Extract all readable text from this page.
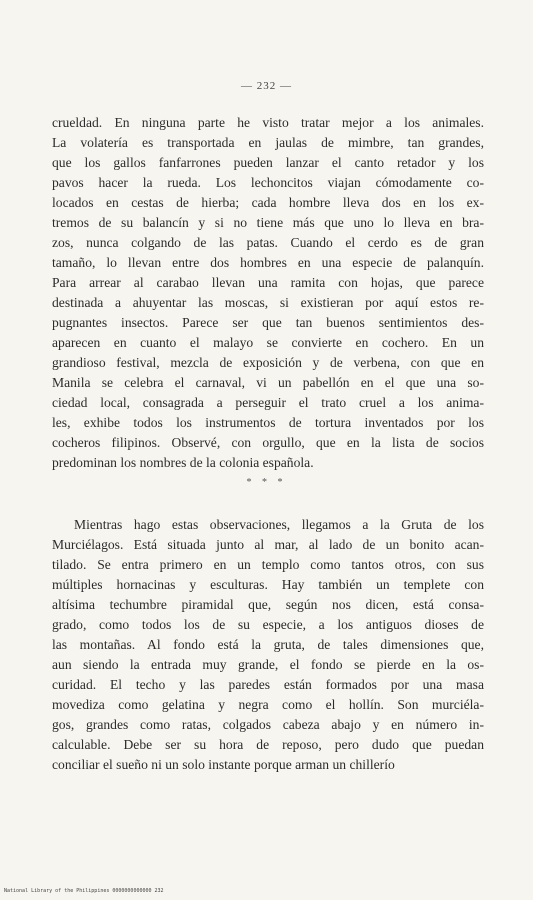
— 232 —
crueldad. En ninguna parte he visto tratar mejor a los animales.
La volatería es transportada en jaulas de mimbre, tan grandes,
que los gallos fanfarrones pueden lanzar el canto retador y los
pavos hacer la rueda. Los lechoncitos viajan cómodamente co-
locados en cestas de hierba; cada hombre lleva dos en los ex-
tremos de su balancín y si no tiene más que uno lo lleva en bra-
zos, nunca colgando de las patas. Cuando el cerdo es de gran
tamaño, lo llevan entre dos hombres en una especie de palanquín.
Para arrear al carabao llevan una ramita con hojas, que parece
destinada a ahuyentar las moscas, si existieran por aquí estos re-
pugnantes insectos. Parece ser que tan buenos sentimientos des-
aparecen en cuanto el malayo se convierte en cochero. En un
grandioso festival, mezcla de exposición y de verbena, con que en
Manila se celebra el carnaval, vi un pabellón en el que una so-
ciedad local, consagrada a perseguir el trato cruel a los anima-
les, exhibe todos los instrumentos de tortura inventados por los
cocheros filipinos. Observé, con orgullo, que en la lista de socios
predominan los nombres de la colonia española.
* * *
Mientras hago estas observaciones, llegamos a la Gruta de los
Murciélagos. Está situada junto al mar, al lado de un bonito acan-
tilado. Se entra primero en un templo como tantos otros, con sus
múltiples hornacinas y esculturas. Hay también un templete con
altísima techumbre piramidal que, según nos dicen, está consa-
grado, como todos los de su especie, a los antiguos dioses de
las montañas. Al fondo está la gruta, de tales dimensiones que,
aun siendo la entrada muy grande, el fondo se pierde en la os-
curidad. El techo y las paredes están formados por una masa
movediza como gelatina y negra como el hollín. Son murciéla-
gos, grandes como ratas, colgados cabeza abajo y en número in-
calculable. Debe ser su hora de reposo, pero dudo que puedan
conciliar el sueño ni un solo instante porque arman un chillerío
National Library of the Philippines 0000000000000 232
